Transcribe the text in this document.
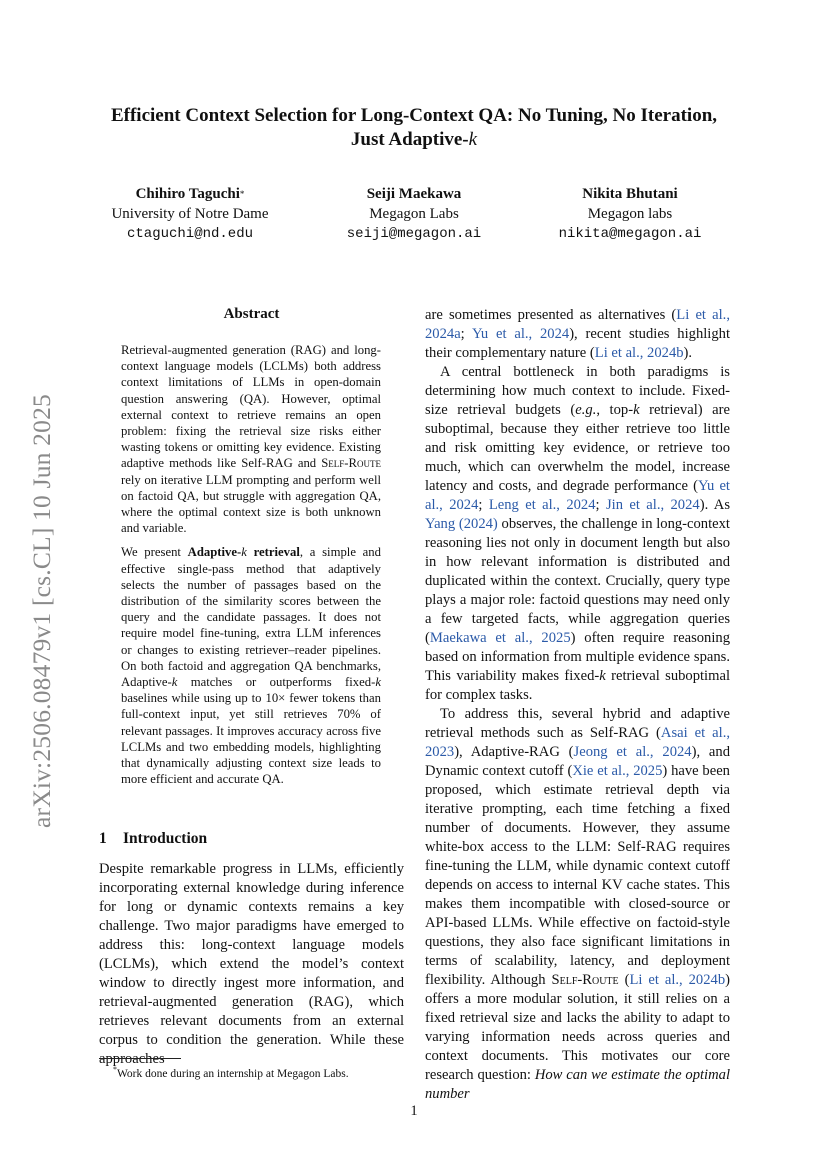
arXiv:2506.08479v1 [cs.CL] 10 Jun 2025
Efficient Context Selection for Long-Context QA: No Tuning, No Iteration,
Just Adaptive-k
Chihiro Taguchi*
University of Notre Dame
ctaguchi@nd.edu
Seiji Maekawa
Megagon Labs
seiji@megagon.ai
Nikita Bhutani
Megagon labs
nikita@megagon.ai
Abstract

Retrieval-augmented generation (RAG) and long-context language models (LCLMs) both address context limitations of LLMs in open-domain question answering (QA). However, optimal external context to retrieve remains an open problem: fixing the retrieval size risks either wasting tokens or omitting key evidence. Existing adaptive methods like Self-RAG and Self-Route rely on iterative LLM prompting and perform well on factoid QA, but struggle with aggregation QA, where the optimal context size is both unknown and variable.

We present Adaptive-k retrieval, a simple and effective single-pass method that adaptively selects the number of passages based on the distribution of the similarity scores between the query and the candidate passages. It does not require model fine-tuning, extra LLM inferences or changes to existing retriever–reader pipelines. On both factoid and aggregation QA benchmarks, Adaptive-k matches or outperforms fixed-k baselines while using up to 10× fewer tokens than full-context input, yet still retrieves 70% of relevant passages. It improves accuracy across five LCLMs and two embedding models, highlighting that dynamically adjusting context size leads to more efficient and accurate QA.

1 Introduction

Despite remarkable progress in LLMs, efficiently incorporating external knowledge during inference for long or dynamic contexts remains a key challenge. Two major paradigms have emerged to address this: long-context language models (LCLMs), which extend the model’s context window to directly ingest more information, and retrieval-augmented generation (RAG), which retrieves relevant documents from an external corpus to condition the generation. While these approaches

are sometimes presented as alternatives (Li et al., 2024a; Yu et al., 2024), recent studies highlight their complementary nature (Li et al., 2024b).

A central bottleneck in both paradigms is determining how much context to include. Fixed-size retrieval budgets (e.g., top-k retrieval) are suboptimal, because they either retrieve too little and risk omitting key evidence, or retrieve too much, which can overwhelm the model, increase latency and costs, and degrade performance (Yu et al., 2024; Leng et al., 2024; Jin et al., 2024). As Yang (2024) observes, the challenge in long-context reasoning lies not only in document length but also in how relevant information is distributed and duplicated within the context. Crucially, query type plays a major role: factoid questions may need only a few targeted facts, while aggregation queries (Maekawa et al., 2025) often require reasoning based on information from multiple evidence spans. This variability makes fixed-k retrieval suboptimal for complex tasks.

To address this, several hybrid and adaptive retrieval methods such as Self-RAG (Asai et al., 2023), Adaptive-RAG (Jeong et al., 2024), and Dynamic context cutoff (Xie et al., 2025) have been proposed, which estimate retrieval depth via iterative prompting, each time fetching a fixed number of documents. However, they assume white-box access to the LLM: Self-RAG requires fine-tuning the LLM, while dynamic context cutoff depends on access to internal KV cache states. This makes them incompatible with closed-source or API-based LLMs. While effective on factoid-style questions, they also face significant limitations in terms of scalability, latency, and deployment flexibility. Although Self-Route (Li et al., 2024b) offers a more modular solution, it still relies on a fixed retrieval size and lacks the ability to adapt to varying information needs across queries and context documents. This motivates our core research question: How can we estimate the optimal number

*Work done during an internship at Megagon Labs.
1
